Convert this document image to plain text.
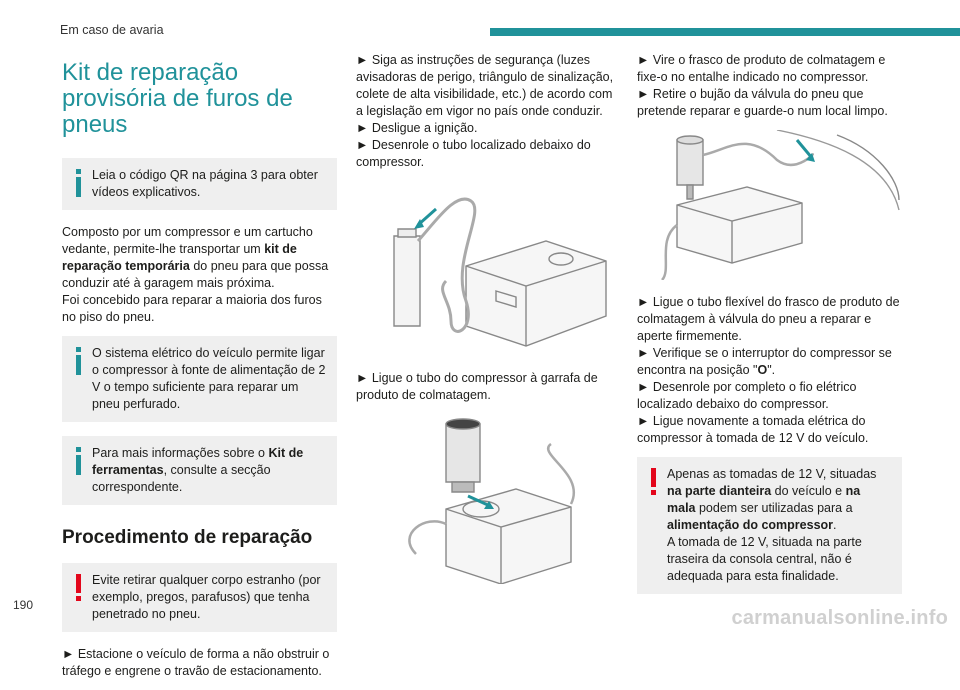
Em caso de avaria
Kit de reparação provisória de furos de pneus

Leia o código QR na página 3 para obter vídeos explicativos.

Composto por um compressor e um cartucho vedante, permite-lhe transportar um kit de reparação temporária do pneu para que possa conduzir até à garagem mais próxima.
Foi concebido para reparar a maioria dos furos no piso do pneu.

O sistema elétrico do veículo permite ligar o compressor à fonte de alimentação de 2 V o tempo suficiente para reparar um pneu perfurado.

Para mais informações sobre o Kit de ferramentas, consulte a secção correspondente.

Procedimento de reparação

Evite retirar qualquer corpo estranho (por exemplo, pregos, parafusos) que tenha penetrado no pneu.

► Estacione o veículo de forma a não obstruir o tráfego e engrene o travão de estacionamento.

► Siga as instruções de segurança (luzes avisadoras de perigo, triângulo de sinalização, colete de alta visibilidade, etc.) de acordo com a legislação em vigor no país onde conduzir.
► Desligue a ignição.
► Desenrole o tubo localizado debaixo do compressor.

► Ligue o tubo do compressor à garrafa de produto de colmatagem.

► Vire o frasco de produto de colmatagem e fixe-o no entalhe indicado no compressor.
► Retire o bujão da válvula do pneu que pretende reparar e guarde-o num local limpo.

► Ligue o tubo flexível do frasco de produto de colmatagem à válvula do pneu a reparar e aperte firmemente.
► Verifique se o interruptor do compressor se encontra na posição "O".
► Desenrole por completo o fio elétrico localizado debaixo do compressor.
► Ligue novamente a tomada elétrica do compressor à tomada de 12 V do veículo.

Apenas as tomadas de 12 V, situadas na parte dianteira do veículo e na mala podem ser utilizadas para a alimentação do compressor.
A tomada de 12 V, situada na parte traseira da consola central, não é adequada para esta finalidade.

190
carmanualsonline.info
